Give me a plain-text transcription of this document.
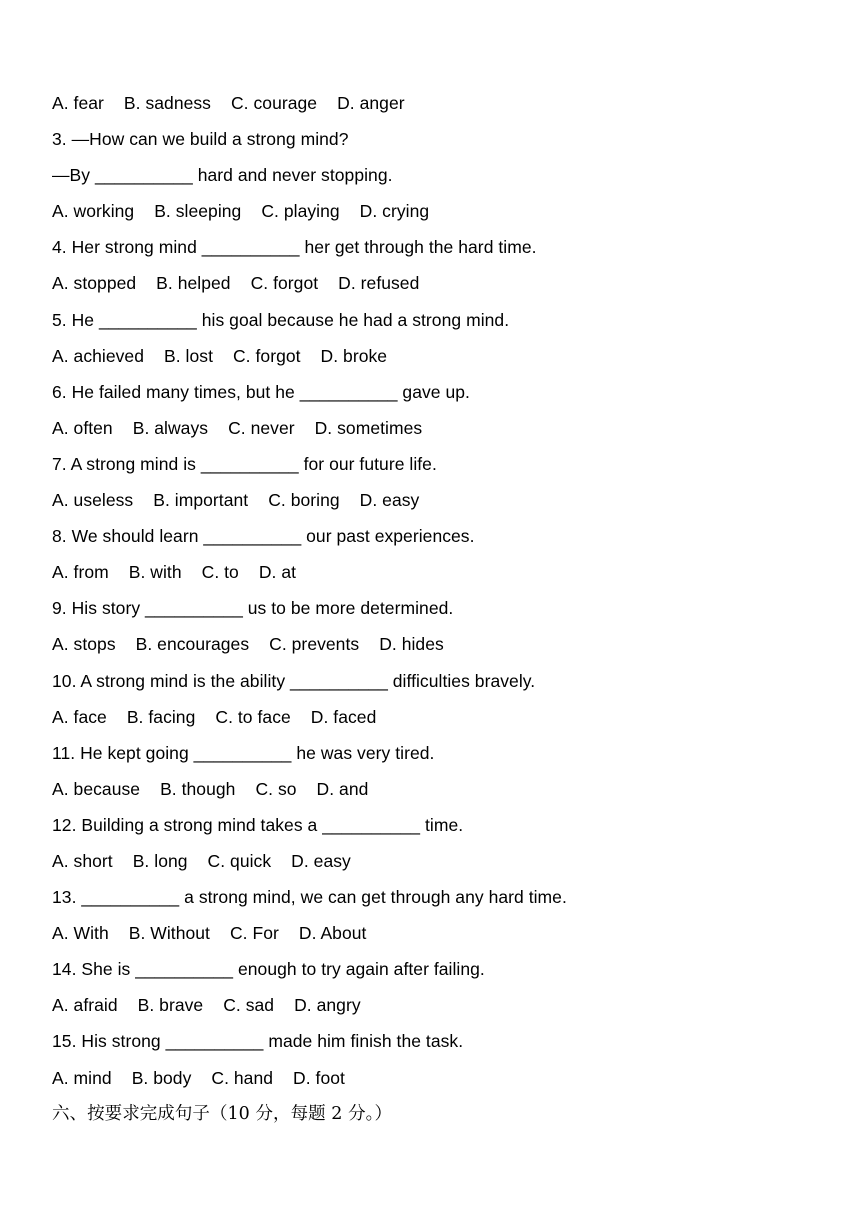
A. fear B. sadness C. courage D. anger
3. —How can we build a strong mind?
—By __________ hard and never stopping.
A. working B. sleeping C. playing D. crying
4. Her strong mind __________ her get through the hard time.
A. stopped B. helped C. forgot D. refused
5. He __________ his goal because he had a strong mind.
A. achieved B. lost C. forgot D. broke
6. He failed many times, but he __________ gave up.
A. often B. always C. never D. sometimes
7. A strong mind is __________ for our future life.
A. useless B. important C. boring D. easy
8. We should learn __________ our past experiences.
A. from B. with C. to D. at
9. His story __________ us to be more determined.
A. stops B. encourages C. prevents D. hides
10. A strong mind is the ability __________ difficulties bravely.
A. face B. facing C. to face D. faced
11. He kept going __________ he was very tired.
A. because B. though C. so D. and
12. Building a strong mind takes a __________ time.
A. short B. long C. quick D. easy
13. __________ a strong mind, we can get through any hard time.
A. With B. Without C. For D. About
14. She is __________ enough to try again after failing.
A. afraid B. brave C. sad D. angry
15. His strong __________ made him finish the task.
A. mind B. body C. hand D. foot
六、按要求完成句子（10 分，每题 2 分。）
